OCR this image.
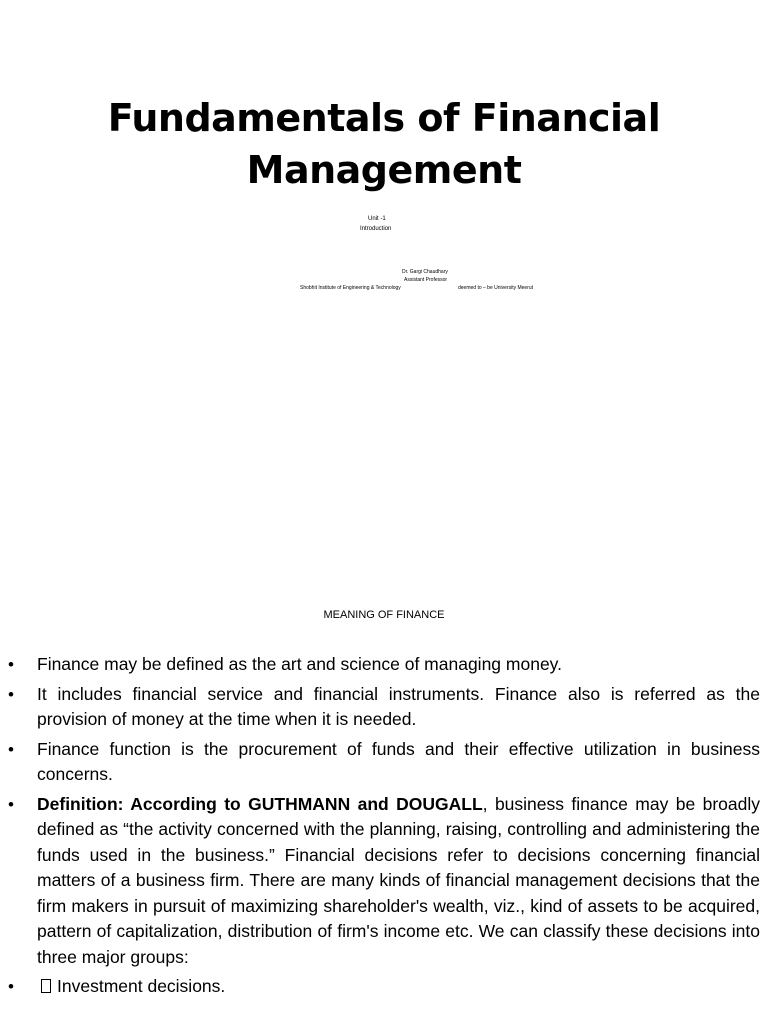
Fundamentals of Financial
Management
Unit -1
Introduction
Dr. Gargi Chaudhary
Assistant Professor
Shobhit Institute of Engineering & Technology	deemed to – be University Meerut
MEANING OF FINANCE
• Finance may be defined as the art and science of managing money.
• It includes financial service and financial instruments. Finance also is referred as the provision of money at the time when it is needed.
• Finance function is the procurement of funds and their effective utilization in business concerns.
• Definition: According to GUTHMANN and DOUGALL, business finance may be broadly defined as “the activity concerned with the planning, raising, controlling and administering the funds used in the business.” Financial decisions refer to decisions concerning financial matters of a business firm. There are many kinds of financial management decisions that the firm makers in pursuit of maximizing shareholder's wealth, viz., kind of assets to be acquired, pattern of capitalization, distribution of firm's income etc. We can classify these decisions into three major groups:
• Investment decisions.
